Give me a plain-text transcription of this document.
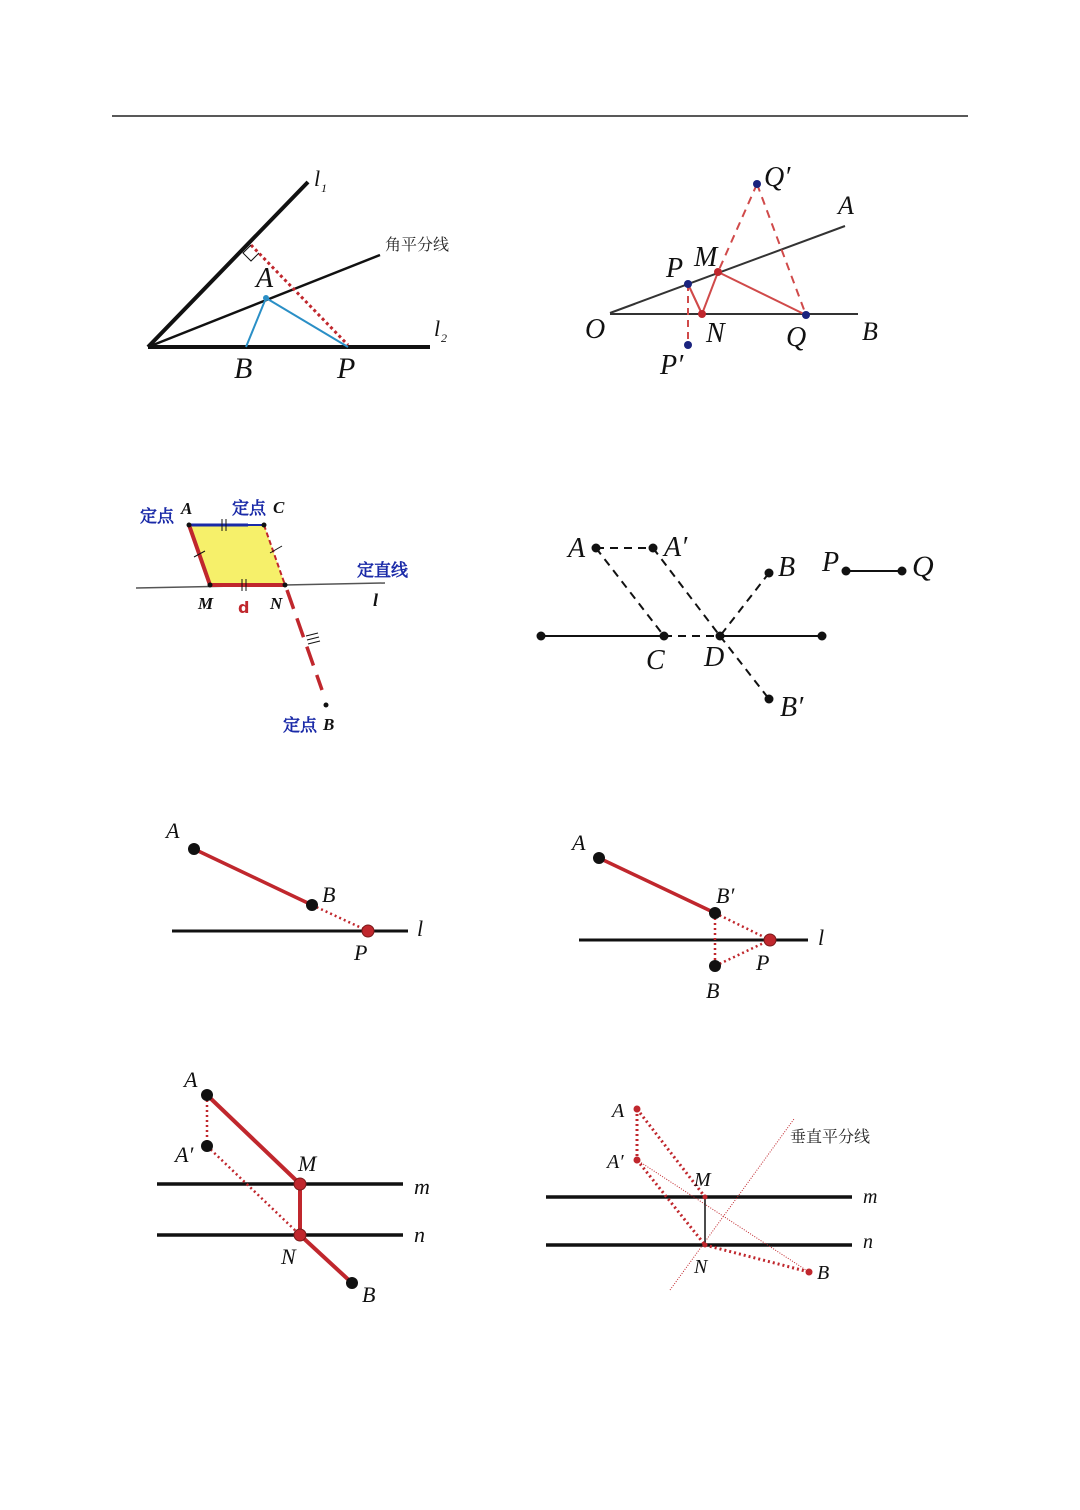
l 1
角平分线
A
l 2
B	P
Q′
A
P M
O	N Q B
P′
定点 A 定点 C
定直线
M d N	l
定点 B
A	A′
B P Q
C D
B′
A
B
l
P
A
B′
l
P
B
A
A′	M
m
n
N
B
A
A′
垂直平分线
M
m
n
N	B
